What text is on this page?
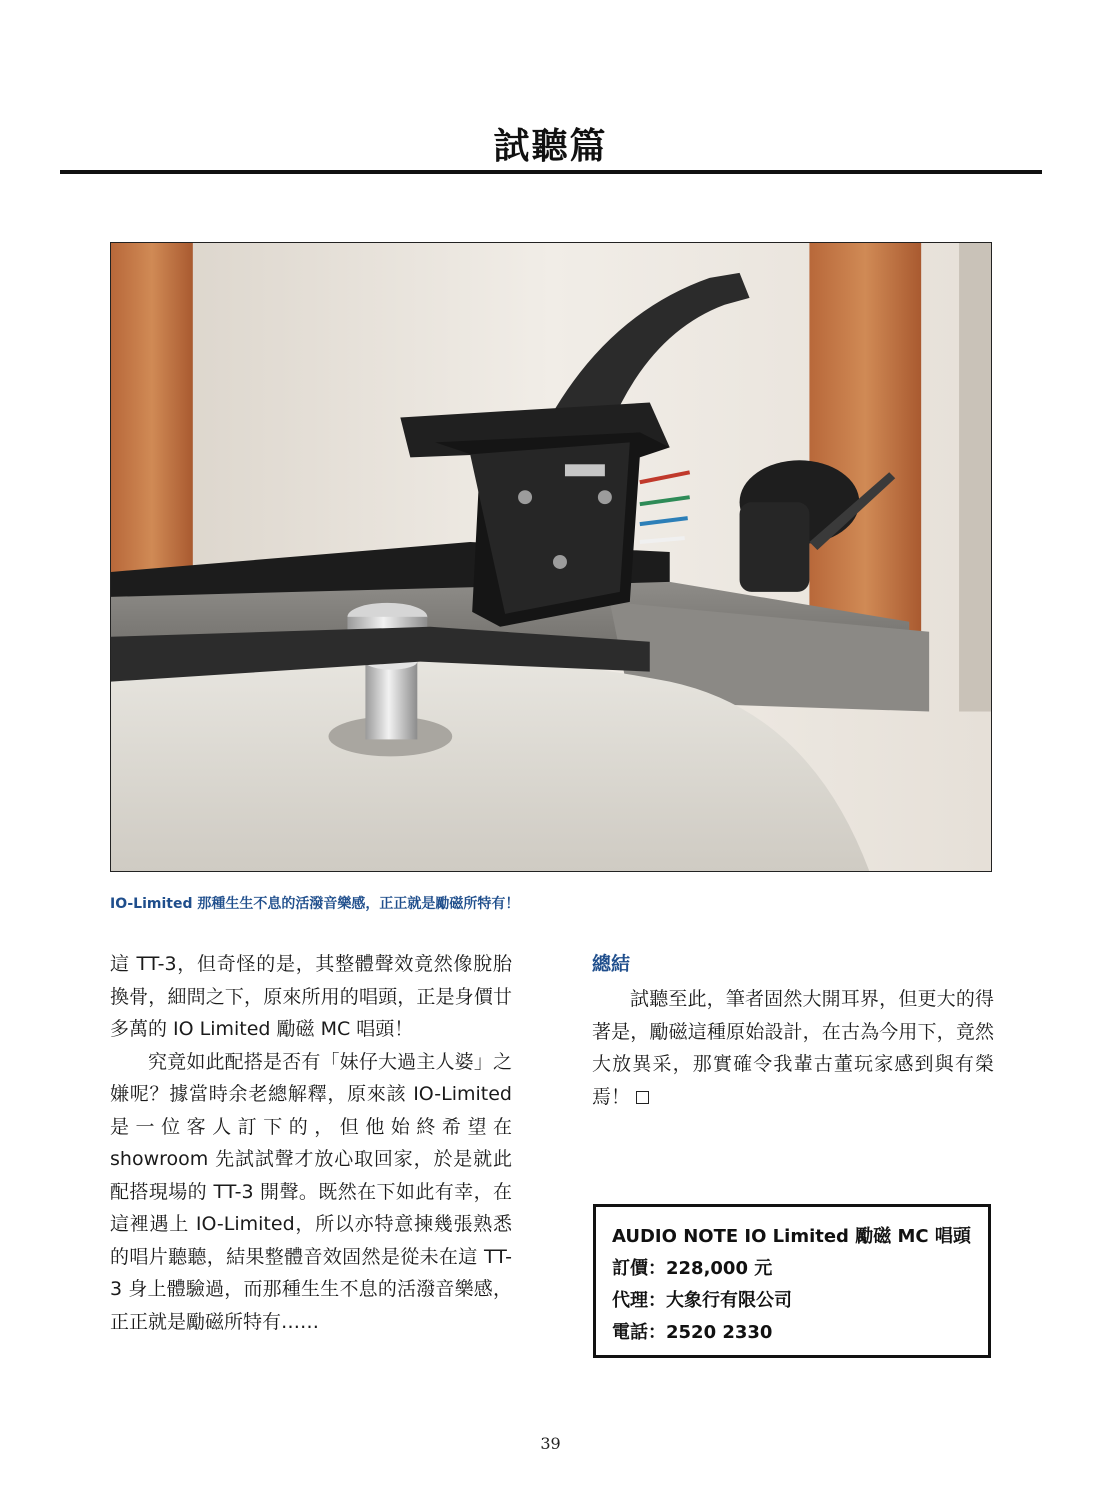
試聽篇
IO-Limited 那種生生不息的活潑音樂感，正正就是勵磁所特有！

這 TT-3，但奇怪的是，其整體聲效竟然像脫胎換骨，細問之下，原來所用的唱頭，正是身價廿多萬的 IO Limited 勵磁 MC 唱頭！

究竟如此配搭是否有「妹仔大過主人婆」之嫌呢？據當時余老總解釋，原來該 IO-Limited 是一位客人訂下的，但他始終希望在 showroom 先試試聲才放心取回家，於是就此配搭現場的 TT-3 開聲。既然在下如此有幸，在這裡遇上 IO-Limited，所以亦特意揀幾張熟悉的唱片聽聽，結果整體音效固然是從未在這 TT-3 身上體驗過，而那種生生不息的活潑音樂感，正正就是勵磁所特有……

總結

試聽至此，筆者固然大開耳界，但更大的得著是，勵磁這種原始設計，在古為今用下，竟然大放異采，那實確令我輩古董玩家感到與有榮焉！

AUDIO NOTE IO Limited 勵磁 MC 唱頭
訂價：228,000 元
代理：大象行有限公司
電話：2520 2330
39
